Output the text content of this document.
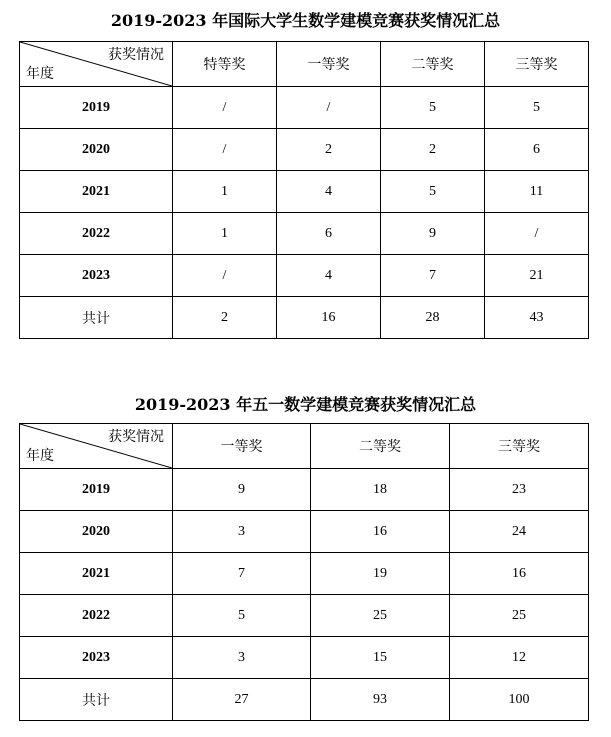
2019-2023 年国际大学生数学建模竞赛获奖情况汇总
获奖情况
年度	特等奖	一等奖	二等奖	三等奖
2019	/	/	5	5
2020	/	2	2	6
2021	1	4	5	11
2022	1	6	9	/
2023	/	4	7	21
共计	2	16	28	43
2019-2023 年五一数学建模竞赛获奖情况汇总
获奖情况
年度	一等奖	二等奖	三等奖
2019	9	18	23
2020	3	16	24
2021	7	19	16
2022	5	25	25
2023	3	15	12
共计	27	93	100
